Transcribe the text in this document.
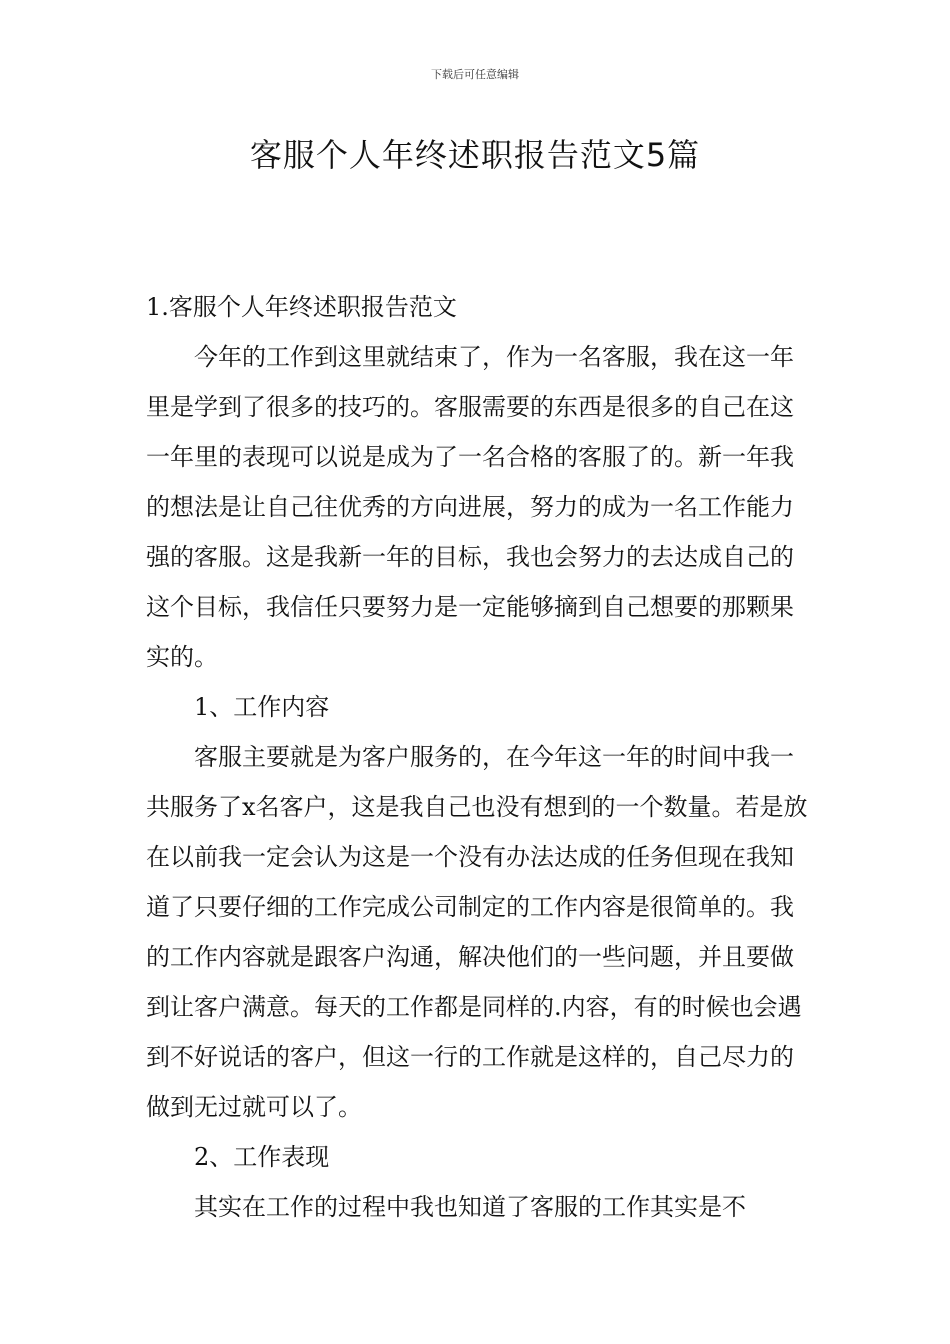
下载后可任意编辑
客服个人年终述职报告范文5篇

1.客服个人年终述职报告范文

今年的工作到这里就结束了，作为一名客服，我在这一年里是学到了很多的技巧的。客服需要的东西是很多的自己在这一年里的表现可以说是成为了一名合格的客服了的。新一年我的想法是让自己往优秀的方向进展，努力的成为一名工作能力强的客服。这是我新一年的目标，我也会努力的去达成自己的这个目标，我信任只要努力是一定能够摘到自己想要的那颗果实的。

1、工作内容

客服主要就是为客户服务的，在今年这一年的时间中我一共服务了x名客户，这是我自己也没有想到的一个数量。若是放在以前我一定会认为这是一个没有办法达成的任务但现在我知道了只要仔细的工作完成公司制定的工作内容是很简单的。我的工作内容就是跟客户沟通，解决他们的一些问题，并且要做到让客户满意。每天的工作都是同样的.内容，有的时候也会遇到不好说话的客户，但这一行的工作就是这样的，自己尽力的做到无过就可以了。

2、工作表现

其实在工作的过程中我也知道了客服的工作其实是不
